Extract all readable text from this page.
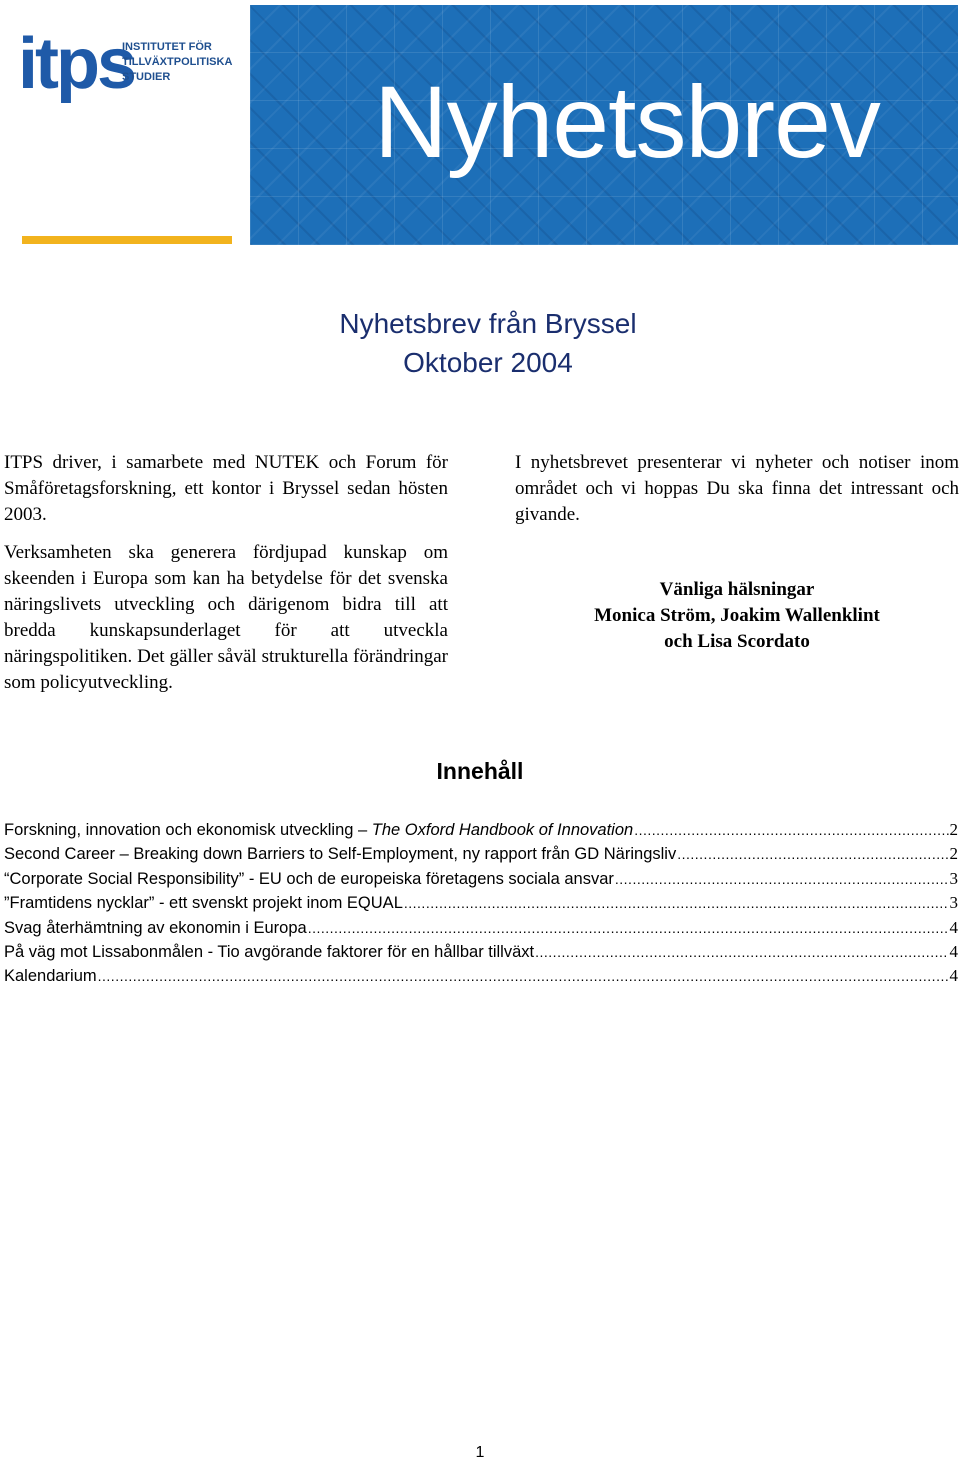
itps
INSTITUTET FÖR
TILLVÄXTPOLITISKA
STUDIER	Nyhetsbrev
Nyhetsbrev från Bryssel
Oktober 2004

ITPS driver, i samarbete med NUTEK och Forum för Småföretagsforskning, ett kontor i Bryssel sedan hösten 2003.

Verksamheten ska generera fördjupad kunskap om skeenden i Europa som kan ha betydelse för det svenska näringslivets utveckling och därigenom bidra till att bredda kunskapsunderlaget för att utveckla näringspolitiken. Det gäller såväl strukturella förändringar som policyutveckling.

I nyhetsbrevet presenterar vi nyheter och notiser inom området och vi hoppas Du ska finna det intressant och givande.

Vänliga hälsningar
Monica Ström, Joakim Wallenklint
och Lisa Scordato
Innehåll
Forskning, innovation och ekonomisk utveckling – The Oxford Handbook of Innovation .....	2
Second Career – Breaking down Barriers to Self-Employment, ny rapport från GD Näringsliv .....	2
“Corporate Social Responsibility” - EU och de europeiska företagens sociala ansvar .....	3
”Framtidens nycklar” - ett svenskt projekt inom EQUAL .....	3
Svag återhämtning av ekonomin i Europa .....	4
På väg mot Lissabonmålen - Tio avgörande faktorer för en hållbar tillväxt .....	4
Kalendarium .....	4
1
